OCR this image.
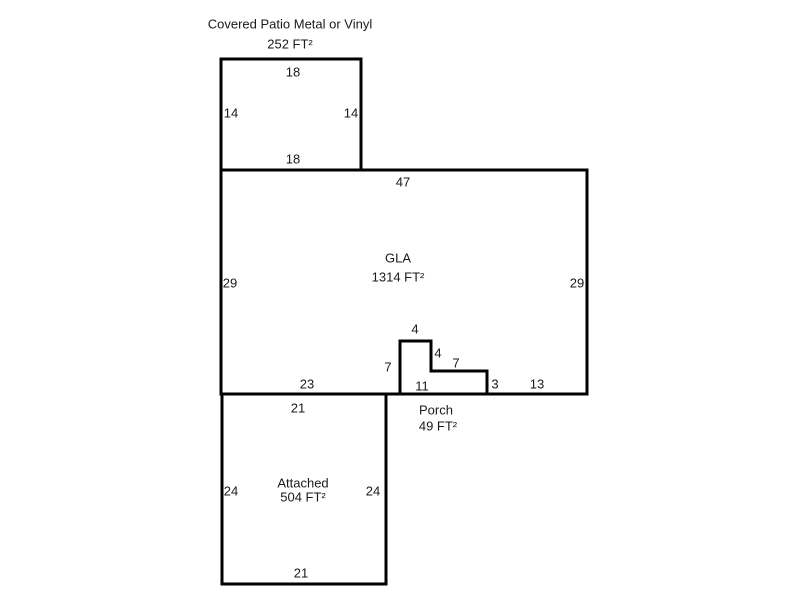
Covered Patio Metal or Vinyl
252 FT²
18
14	14
18
47
GLA
1314 FT²
29	29
23	13
4
4
7	7
11	3
Porch
49 FT²
21
Attached
504 FT²
24	24
21
